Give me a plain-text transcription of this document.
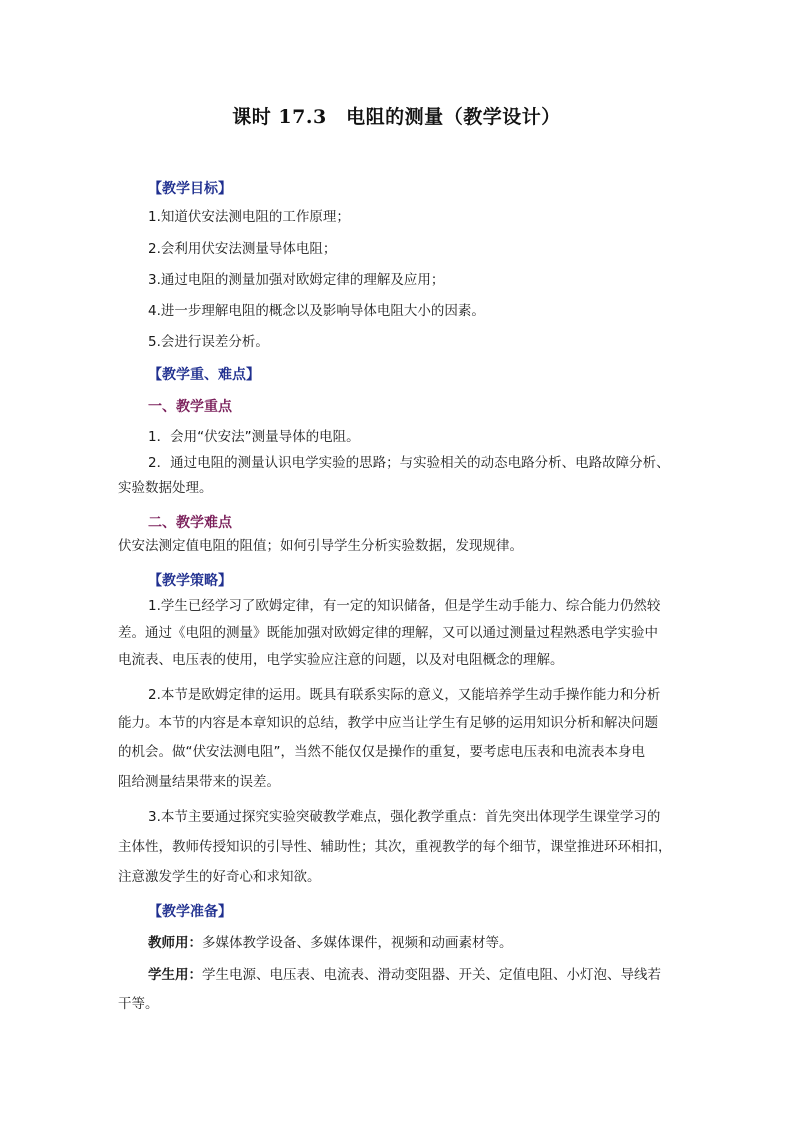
课时 17.3　电阻的测量（教学设计）
【教学目标】
1.知道伏安法测电阻的工作原理；
2.会利用伏安法测量导体电阻；
3.通过电阻的测量加强对欧姆定律的理解及应用；
4.进一步理解电阻的概念以及影响导体电阻大小的因素。
5.会进行误差分析。
【教学重、难点】
一、教学重点
1．会用“伏安法”测量导体的电阻。
2．通过电阻的测量认识电学实验的思路；与实验相关的动态电路分析、电路故障分析、
实验数据处理。
二、教学难点
伏安法测定值电阻的阻值；如何引导学生分析实验数据，发现规律。
【教学策略】
1.学生已经学习了欧姆定律，有一定的知识储备，但是学生动手能力、综合能力仍然较
差。通过《电阻的测量》既能加强对欧姆定律的理解，又可以通过测量过程熟悉电学实验中
电流表、电压表的使用，电学实验应注意的问题，以及对电阻概念的理解。
2.本节是欧姆定律的运用。既具有联系实际的意义，又能培养学生动手操作能力和分析
能力。本节的内容是本章知识的总结，教学中应当让学生有足够的运用知识分析和解决问题
的机会。做“伏安法测电阻”，当然不能仅仅是操作的重复，要考虑电压表和电流表本身电
阻给测量结果带来的误差。
3.本节主要通过探究实验突破教学难点，强化教学重点：首先突出体现学生课堂学习的
主体性，教师传授知识的引导性、辅助性；其次，重视教学的每个细节，课堂推进环环相扣，
注意激发学生的好奇心和求知欲。
【教学准备】
教师用：多媒体教学设备、多媒体课件，视频和动画素材等。
学生用：学生电源、电压表、电流表、滑动变阻器、开关、定值电阻、小灯泡、导线若
干等。
